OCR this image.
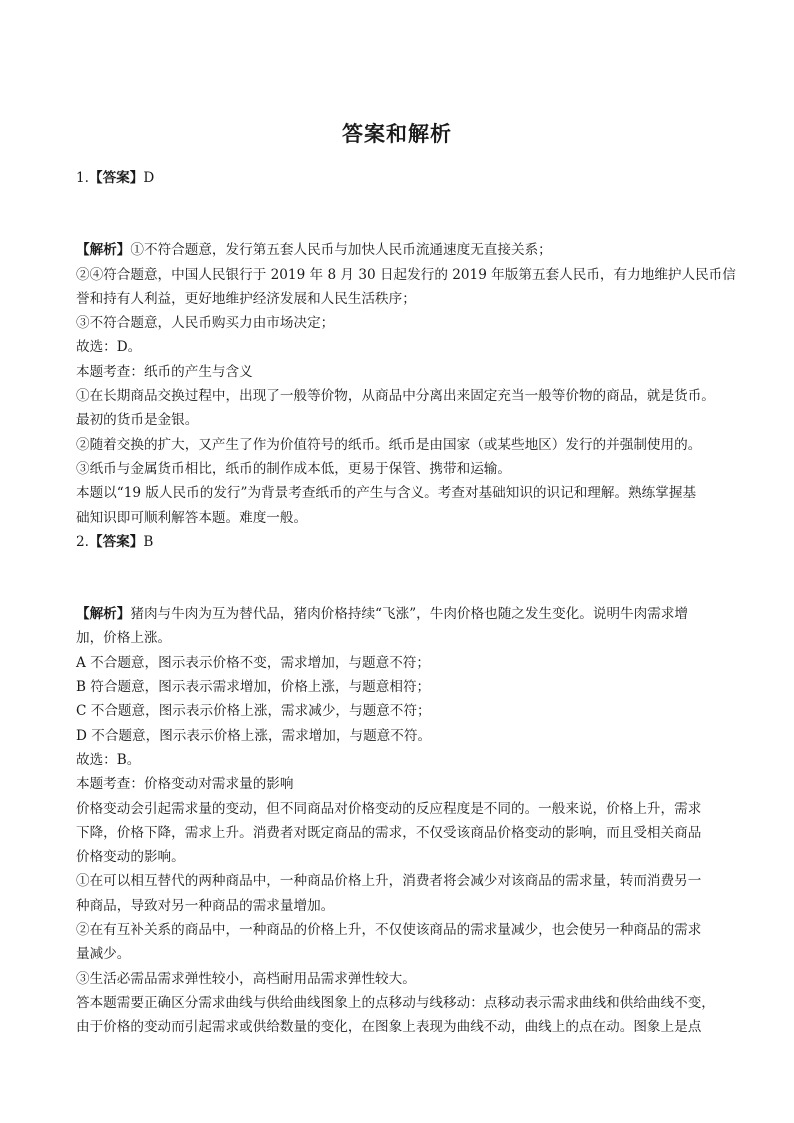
答案和解析
1.【答案】D
【解析】①不符合题意，发行第五套人民币与加快人民币流通速度无直接关系；
②④符合题意，中国人民银行于 2019 年 8 月 30 日起发行的 2019 年版第五套人民币，有力地维护人民币信
誉和持有人利益，更好地维护经济发展和人民生活秩序；
③不符合题意，人民币购买力由市场决定；
故选：D。
本题考查：纸币的产生与含义
①在长期商品交换过程中，出现了一般等价物，从商品中分离出来固定充当一般等价物的商品，就是货币。
最初的货币是金银。
②随着交换的扩大，又产生了作为价值符号的纸币。纸币是由国家（或某些地区）发行的并强制使用的。
③纸币与金属货币相比，纸币的制作成本低，更易于保管、携带和运输。
本题以“19 版人民币的发行”为背景考查纸币的产生与含义。考查对基础知识的识记和理解。熟练掌握基
础知识即可顺利解答本题。难度一般。
2.【答案】B
【解析】猪肉与牛肉为互为替代品，猪肉价格持续“飞涨”，牛肉价格也随之发生变化。说明牛肉需求增
加，价格上涨。
A 不合题意，图示表示价格不变，需求增加，与题意不符；
B 符合题意，图示表示需求增加，价格上涨，与题意相符；
C 不合题意，图示表示价格上涨，需求减少，与题意不符；
D 不合题意，图示表示价格上涨，需求增加，与题意不符。
故选：B。
本题考查：价格变动对需求量的影响
价格变动会引起需求量的变动，但不同商品对价格变动的反应程度是不同的。一般来说，价格上升，需求
下降，价格下降，需求上升。消费者对既定商品的需求，不仅受该商品价格变动的影响，而且受相关商品
价格变动的影响。
①在可以相互替代的两种商品中，一种商品价格上升，消费者将会减少对该商品的需求量，转而消费另一
种商品，导致对另一种商品的需求量增加。
②在有互补关系的商品中，一种商品的价格上升，不仅使该商品的需求量减少，也会使另一种商品的需求
量减少。
③生活必需品需求弹性较小，高档耐用品需求弹性较大。
答本题需要正确区分需求曲线与供给曲线图象上的点移动与线移动：点移动表示需求曲线和供给曲线不变，
由于价格的变动而引起需求或供给数量的变化，在图象上表现为曲线不动，曲线上的点在动。图象上是点
